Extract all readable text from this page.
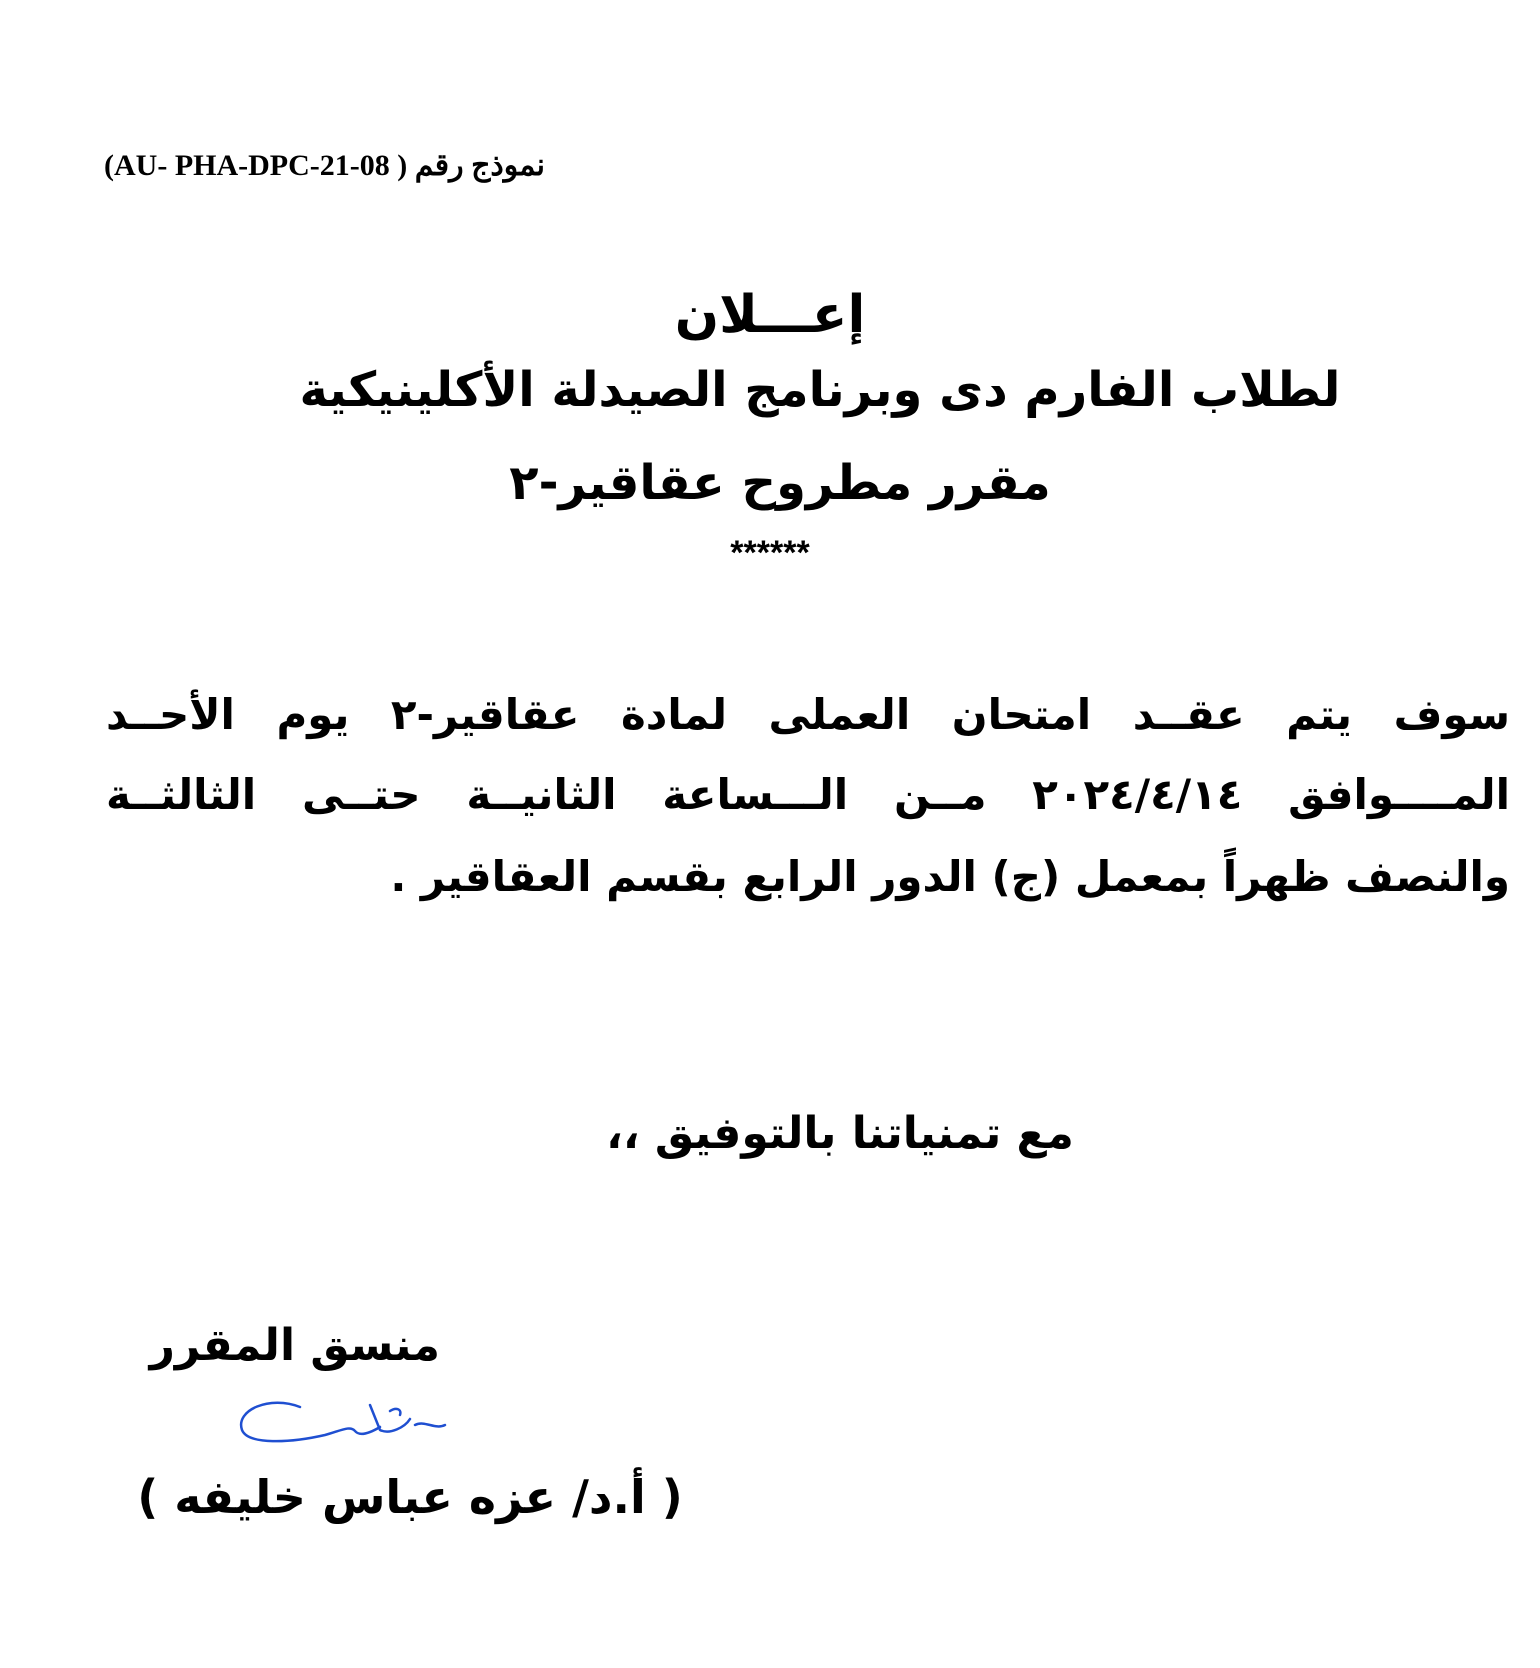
نموذج رقم ( AU- PHA-DPC-21-08)
إعـــلان
لطلاب الفارم دى وبرنامج الصيدلة الأكلينيكية
مقرر مطروح عقاقير-٢
******
سوف يتم عقــد امتحان العملى لمادة عقاقير-٢ يوم الأحــد
المــــوافق ٢٠٢٤/٤/١٤ مــن الـــساعة الثانيــة حتــى الثالثــة
والنصف ظهراً بمعمل (ج) الدور الرابع بقسم العقاقير .
مع تمنياتنا بالتوفيق ،،
منسق المقرر
( أ.د/ عزه عباس خليفه )
